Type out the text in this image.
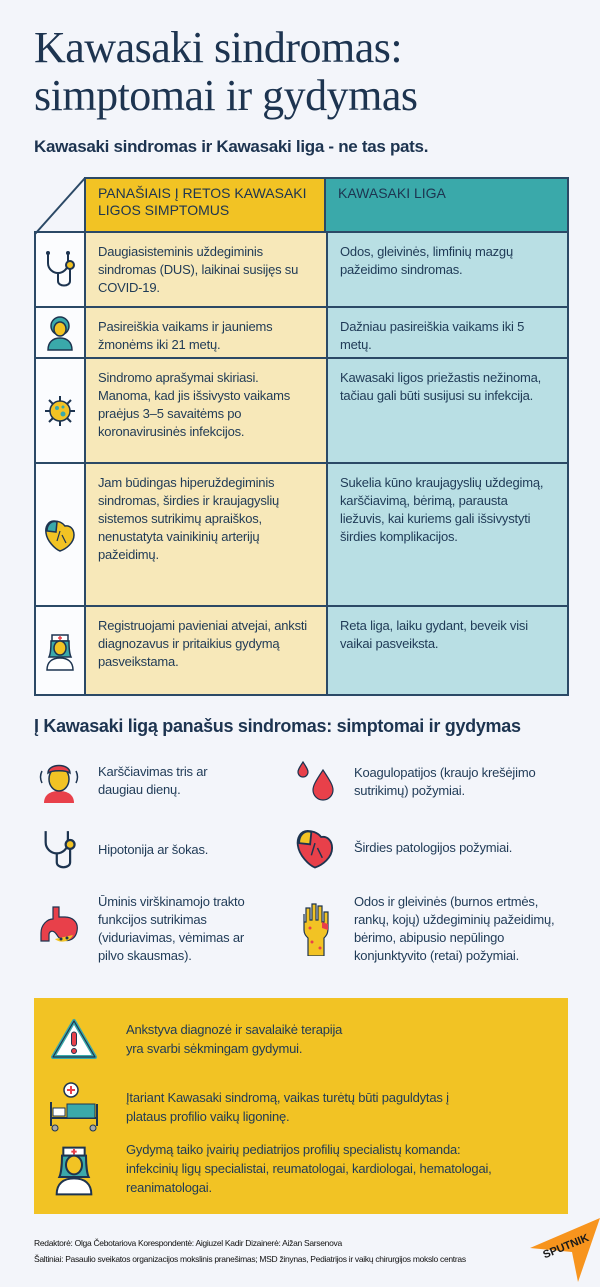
Kawasaki sindromas:
simptomai ir gydymas
Kawasaki sindromas ir Kawasaki liga - ne tas pats.
PANAŠIAIS Į RETOS KAWASAKI LIGOS SIMPTOMUS
KAWASAKI LIGA
Daugiasisteminis uždegiminis sindromas (DUS), laikinai susijęs su COVID-19.
Odos, gleivinės, limfinių mazgų pažeidimo sindromas.
Pasireiškia vaikams ir jauniems žmonėms iki 21 metų.
Dažniau pasireiškia vaikams iki 5 metų.
Sindromo aprašymai skiriasi. Manoma, kad jis išsivysto vaikams praėjus 3–5 savaitėms po koronavirusinės infekcijos.
Kawasaki ligos priežastis nežinoma, tačiau gali būti susijusi su infekcija.
Jam būdingas hiperuždegiminis sindromas, širdies ir kraujagyslių sistemos sutrikimų apraiškos, nenustatyta vainikinių arterijų pažeidimų.
Sukelia kūno kraujagyslių uždegimą, karščiavimą, bėrimą, parausta liežuvis, kai kuriems gali išsivystyti širdies komplikacijos.
Registruojami pavieniai atvejai, anksti diagnozavus ir pritaikius gydymą pasveikstama.
Reta liga, laiku gydant, beveik visi vaikai pasveiksta.
Į Kawasaki ligą panašus sindromas: simptomai ir gydymas
Karščiavimas tris ar daugiau dienų.
Koagulopatijos (kraujo krešėjimo sutrikimų) požymiai.
Hipotonija ar šokas.	Širdies patologijos požymiai.
Ūminis virškinamojo trakto funkcijos sutrikimas (viduriavimas, vėmimas ar pilvo skausmas).
Odos ir gleivinės (burnos ertmės, rankų, kojų) uždegiminių pažeidimų, bėrimo, abipusio nepūlingo konjunktyvito (retai) požymiai.
Ankstyva diagnozė ir savalaikė terapija yra svarbi sėkmingam gydymui.
Įtariant Kawasaki sindromą, vaikas turėtų būti paguldytas į plataus profilio vaikų ligoninę.
Gydymą taiko įvairių pediatrijos profilių specialistų komanda: infekcinių ligų specialistai, reumatologai, kardiologai, hematologai, reanimatologai.
Redaktorė: Olga Čebotariova Korespondentė: Aigiuzel Kadir Dizainerė: Aižan Sarsenova
Šaltiniai: Pasaulio sveikatos organizacijos mokslinis pranešimas; MSD žinynas, Pediatrijos ir vaikų chirurgijos mokslo centras	SPUTNIK
